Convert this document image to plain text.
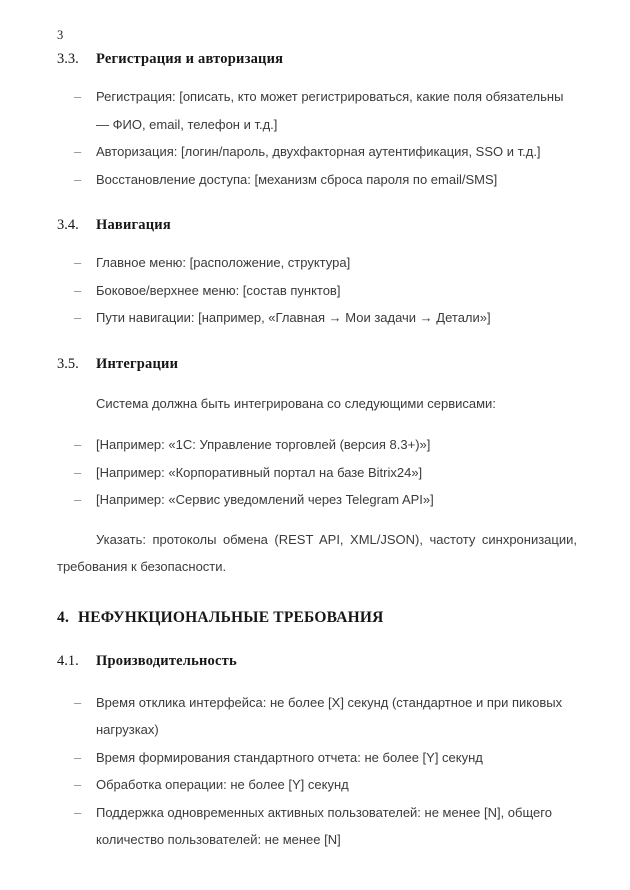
3
3.3.	Регистрация и авторизация
–	Регистрация: [описать, кто может регистрироваться, какие поля обязательны
— ФИО, email, телефон и т.д.]
–	Авторизация: [логин/пароль, двухфакторная аутентификация, SSO и т.д.]
–	Восстановление доступа: [механизм сброса пароля по email/SMS]
3.4.	Навигация
–	Главное меню: [расположение, структура]
–	Боковое/верхнее меню: [состав пунктов]
–	Пути навигации: [например, «Главная → Мои задачи → Детали»]
3.5.	Интеграции
Система должна быть интегрирована со следующими сервисами:
–	[Например: «1С: Управление торговлей (версия 8.3+)»]
–	[Например: «Корпоративный портал на базе Bitrix24»]
–	[Например: «Сервис уведомлений через Telegram API»]
Указать: протоколы обмена (REST API, XML/JSON), частоту синхронизации,
требования к безопасности.
4. НЕФУНКЦИОНАЛЬНЫЕ ТРЕБОВАНИЯ
4.1.	Производительность
–	Время отклика интерфейса: не более [X] секунд (стандартное и при пиковых
нагрузках)
–	Время формирования стандартного отчета: не более [Y] секунд
–	Обработка операции: не более [Y] секунд
–	Поддержка одновременных активных пользователей: не менее [N], общего
количество пользователей: не менее [N]
